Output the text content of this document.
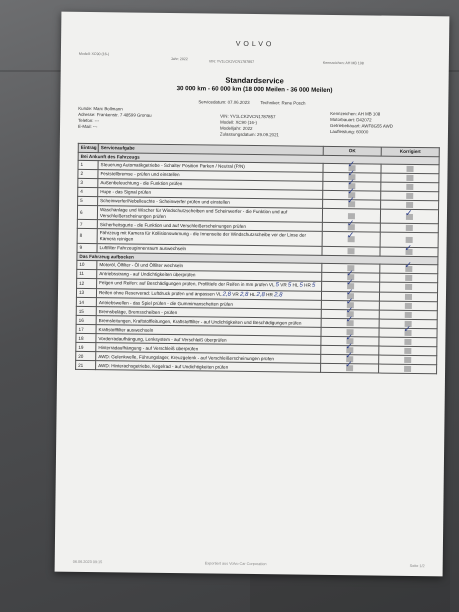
VOLVO
Modell: XC90 (16-)
Jahr: 2022
VIN: YV1LCK2VCN1787857	Kennzeichen: AH MB 108
Standardservice
30 000 km - 60 000 km (18 000 Meilen - 36 000 Meilen)
Servicedatum: 07.06.2023 Techniker: Rene Posch
Kunde: Marc Bollmann
Adresse: Frankenstr. 7 48599 Gronau
Telefon: ---
E-Mail: ---
VIN: YV1LCK2VCN1787857
Modell: XC90 (16-)
Modelljahr: 2022
Zulassungsdatum: 29.09.2021
Kennzeichen: AH MB 108
Motorbauart: D42072
Getriebebauart: AWF8G55 AWD
Laufleistung: 60000
Eintrag	Serviceaufgabe	OK	Korrigiert
Bei Ankunft des Fahrzeugs			
1	Steuerung Automatikgetriebe - Schalter Position Parken / Neutral (P/N)	✓	

2	Feststellbremse - prüfen und einstellen	✓	

3	Außenbeleuchtung - die Funktion prüfen	✓	

4	Hupe - das Signal prüfen	✓	

5	Scheinwerfer/Nebelleuchte - Scheinwerfer prüfen und einstellen	✓	

6	Waschanlage und Wischer für Windschutzscheiben und Scheinwerfer - die Funktion und auf Verschleißerscheinungen prüfen		✓

7	Sicherheitsgurte - die Funktion und auf Verschleißerscheinungen prüfen	✓	

8	Fahrzeug mit Kamera für Kollisionswarnung - die Innenseite der Windschutzscheibe vor der Linse der Kamera reinigen	✓	

9	Luftfilter Fahrzeuginnenraum auswechseln		✓

Das Fahrzeug aufbocken			
10	Motoröl, Ölfilter - Öl und Ölfilter wechseln		✓

11	Antriebsstrang - auf Undichtigkeiten überprüfen	✓	

12	Felgen und Reifen: auf Beschädigungen prüfen, Profiltiefe der Reifen in mm prüfen VL 5 VR 5 HL 5 HR 5	✓	

13	Reifen ohne Reserverad: Luftdruck prüfen und anpassen VL 2,8 VR 2,8 HL 2,8 HR 2,8	✓	

14	Antriebswellen - das Spiel prüfen - die Gummimanschetten prüfen	✓	

15	Bremsbeläge, Bremsscheiben - prüfen	✓	

16	Bremsleitungen, Kraftstoffleitungen, Kraftstofffilter - auf Undichtigkeiten und Beschädigungen prüfen	✓	

17	Kraftstofffilter auswechseln		✓

18	Vorderradaufhängung, Lenksystem - auf Verschleiß überprüfen	✓	

19	Hinterradaufhängung - auf Verschleiß überprüfen	✓	

20	AWD: Gelenkwelle, Führungslager, Kreuzgelenk - auf Verschleißerscheinungen prüfen	✓	

21	AWD: Hinterachsgetriebe, Kegelrad - auf Undichtigkeiten prüfen	✓	

06.06.2023 09:15	Exportiert aus Volvo Car Corporation	Seite 1/2
